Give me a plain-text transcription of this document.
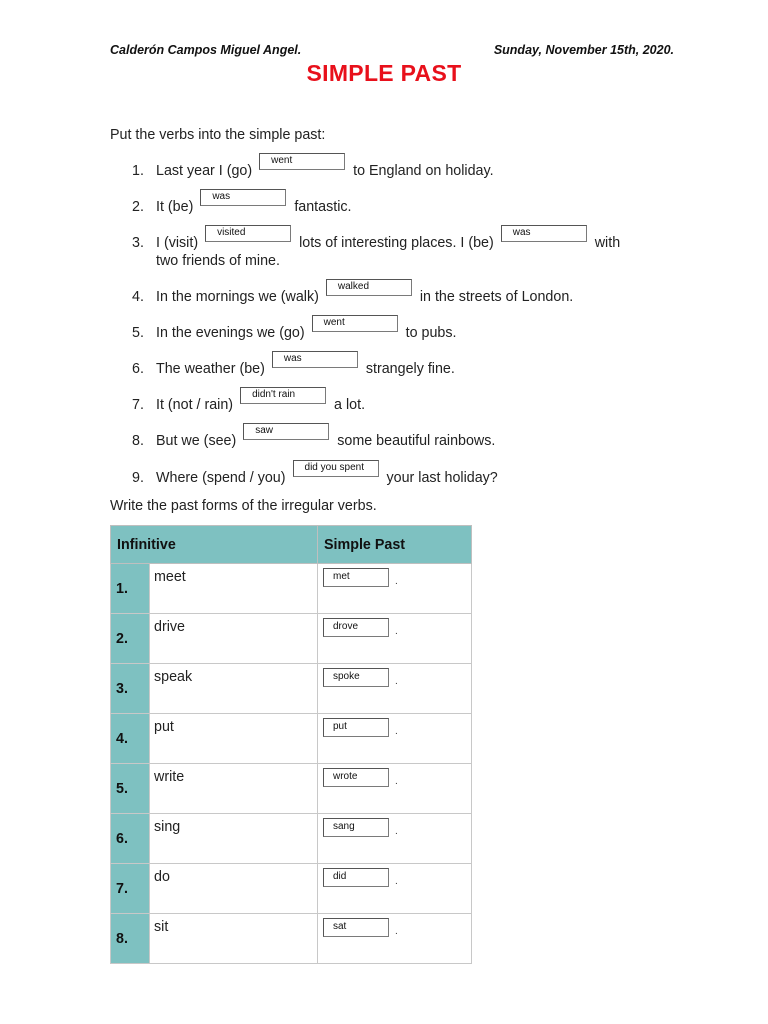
Calderón Campos Miguel Angel.	Sunday, November 15th, 2020.
SIMPLE PAST
Put the verbs into the simple past:
1. Last year I (go) went to England on holiday.
2. It (be) was fantastic.
3. I (visit) visited lots of interesting places. I (be) was with
two friends of mine.
4. In the mornings we (walk) walked in the streets of London.
5. In the evenings we (go) went to pubs.
6. The weather (be) was strangely fine.
7. It (not / rain) didn't rain a lot.
8. But we (see) saw some beautiful rainbows.
9. Where (spend / you) did you spent your last holiday?
Write the past forms of the irregular verbs.
Infinitive		Simple Past
1.	meet	met .

2.	drive	drove .

3.	speak	spoke .

4.	put	put .

5.	write	wrote .

6.	sing	sang .

7.	do	did .

8.	sit	sat .
